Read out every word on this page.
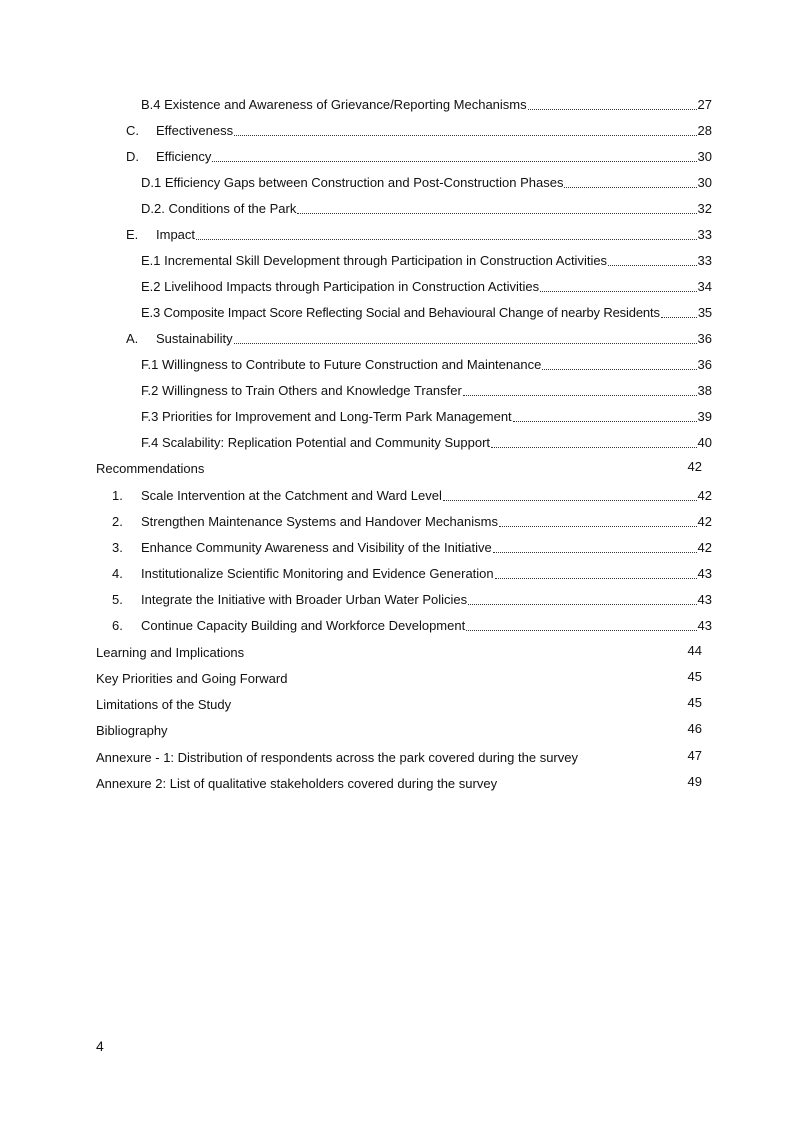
B.4 Existence and Awareness of Grievance/Reporting Mechanisms	27
C.	Effectiveness	28
D.	Efficiency	30
D.1 Efficiency Gaps between Construction and Post-Construction Phases	30
D.2. Conditions of the Park	32
E.	Impact	33
E.1 Incremental Skill Development through Participation in Construction Activities	33
E.2 Livelihood Impacts through Participation in Construction Activities	34
E.3 Composite Impact Score Reflecting Social and Behavioural Change of nearby Residents	35
A.	Sustainability	36
F.1 Willingness to Contribute to Future Construction and Maintenance	36
F.2 Willingness to Train Others and Knowledge Transfer	38
F.3 Priorities for Improvement and Long-Term Park Management	39
F.4 Scalability: Replication Potential and Community Support	40
Recommendations	42
1.	Scale Intervention at the Catchment and Ward Level	42
2.	Strengthen Maintenance Systems and Handover Mechanisms	42
3.	Enhance Community Awareness and Visibility of the Initiative	42
4.	Institutionalize Scientific Monitoring and Evidence Generation	43
5.	Integrate the Initiative with Broader Urban Water Policies	43
6.	Continue Capacity Building and Workforce Development	43
Learning and Implications	44
Key Priorities and Going Forward	45
Limitations of the Study	45
Bibliography	46
Annexure - 1: Distribution of respondents across the park covered during the survey	47
Annexure 2: List of qualitative stakeholders covered during the survey	49
4
